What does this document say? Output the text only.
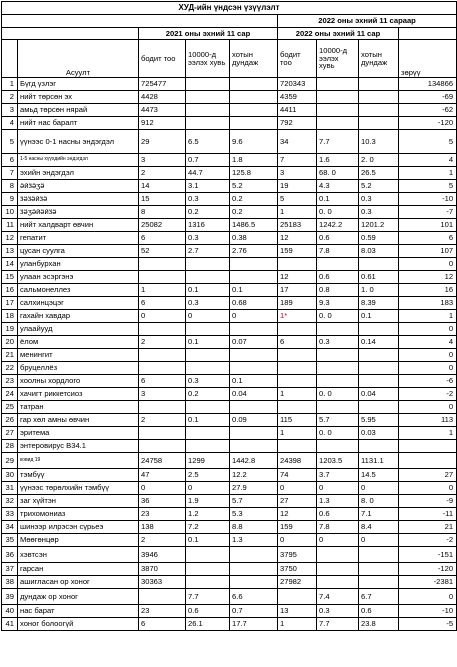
ХУД-ийн үндсэн үзүүлэлт								
					2022 оны эхний 11 сараар			
		2021 оны эхний 11 сар			2022 оны эхний 11 сар			
	Асуулт	бодит тоо	10000-д ээлэх хувь	хотын дундаж	бодит тоо	10000-д ээлэх хувь	хотын дундаж	зөрүү
1	Бүгд үзлэг	725477			720343			134866
2	нийт төрсөн эх	4428			4359			-69
3	амьд төрсөн нярай	4473			4411			-62
4	нийт нас баралт	912			792			-120
5	үүнээс 0-1 насны эндэгдэл	29	6.5	9.6	34	7.7	10.3	5
6	1-5 насны хүүхдийн эндэгдэл	3	0.7	1.8	7	1.6	2. 0	4
7	эхийн эндэгдэл	2	44.7	125.8	3	68. 0	26.5	1
8	ӛӣӟӛӡӛ	14	3.1	5.2	19	4.3	5.2	5
9	ӟӛӟӛӣӟӛ	15	0.3	0.2	5	0.1	0.3	-10
10	ӟӛӡӛӣӛӣӟӛ	8	0.2	0.2	1	0. 0	0.3	-7
11	нийт халдварт өвчин	25082	1316	1486.5	25183	1242.2	1201.2	101
12	гепатит	6	0.3	0.38	12	0.6	0.59	6
13	цусан суулга	52	2.7	2.76	159	7.8	8.03	107
14	уланбурхан							0
15	улаан эсэргэнэ				12	0.6	0.61	12
16	сальмонеллез	1	0.1	0.1	17	0.8	1. 0	16
17	салхинцэцэг	6	0.3	0.68	189	9.3	8.39	183
18	гахайн хавдар	0	0	0	1*	0. 0	0.1	1
19	улаайууд							0
20	ёлом	2	0.1	0.07	6	0.3	0.14	4
21	менингит							0
22	бруцеллёз							0
23	хоолны хордлого	6	0.3	0.1				-6
24	хачигт риккетсиоз	3	0.2	0.04	1	0. 0	0.04	-2
25	татран							0
26	гар хөл амны өвчин	2	0.1	0.09	115	5.7	5.95	113
27	эритема				1	0. 0	0.03	1
28	энтеровирус В34.1							
29	ковид 19	24758	1299	1442.8	24398	1203.5	1131.1	
30	тэмбүү	47	2.5	12.2	74	3.7	14.5	27
31	үүнээс төрөлхийн тэмбүү	0	0	27.9	0	0	0	0
32	заг хүйтэн	36	1.9	5.7	27	1.3	8. 0	-9
33	трихомониаз	23	1.2	5.3	12	0.6	7.1	-11
34	шинээр илрэсэн сүрьеэ	138	7.2	8.8	159	7.8	8.4	21
35	Мөөгөнцөр	2	0.1	1.3	0	0	0	-2
36	хэвтсэн	3946			3795			-151
37	гарсан	3870			3750			-120
38	ашигласан ор хоног	30363			27982			-2381
39	дундаж ор хоног		7.7	6.6		7.4	6.7	0
40	нас барат	23	0.6	0.7	13	0.3	0.6	-10
41	хоног болоогүй	6	26.1	17.7	1	7.7	23.8	-5
